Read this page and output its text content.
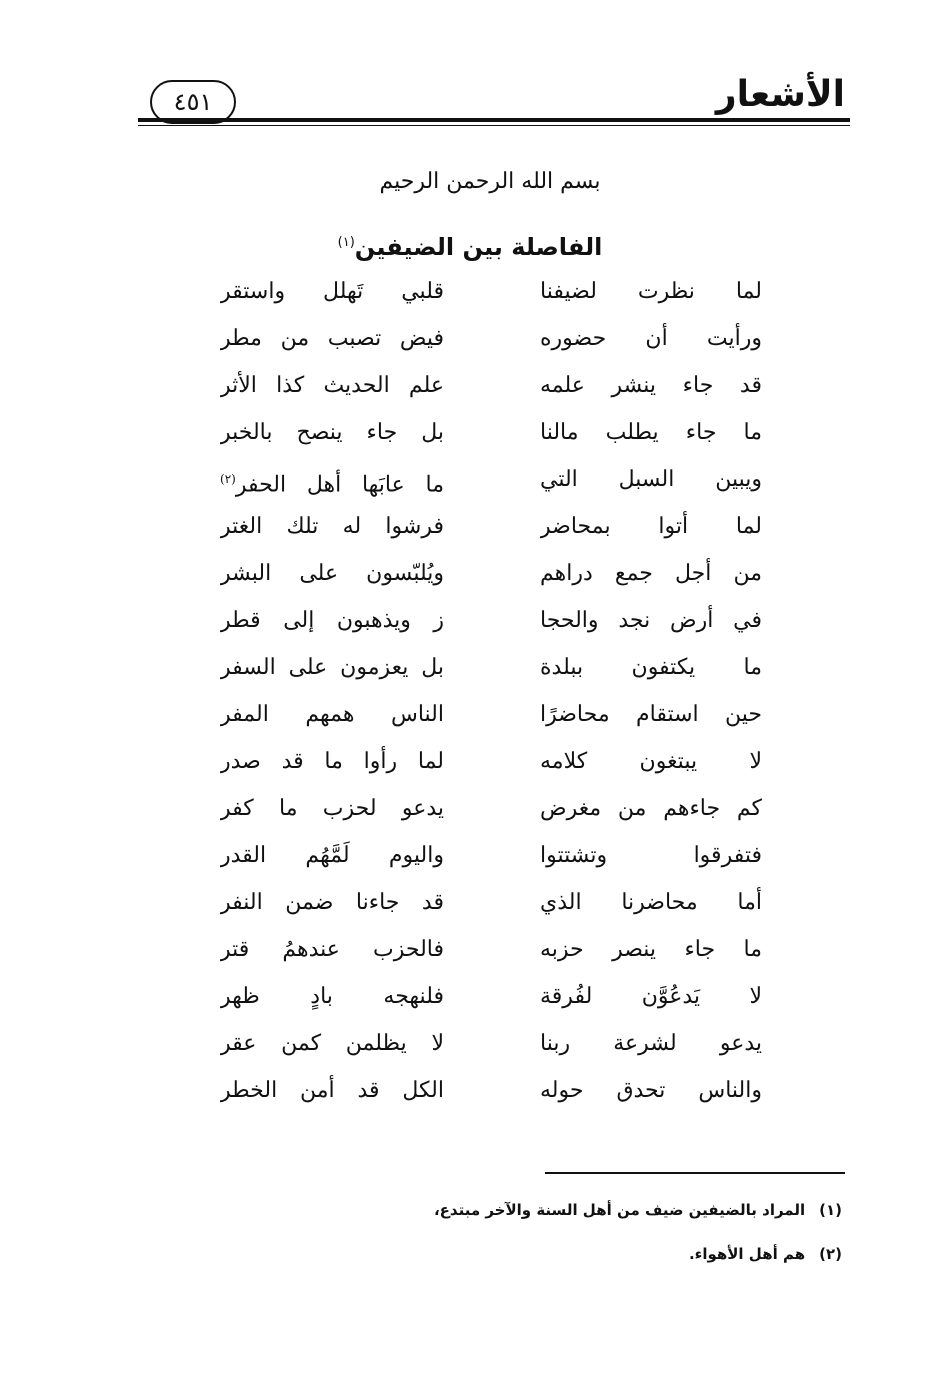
الأشعار
٤٥١
بسم الله الرحمن الرحيم
الفاصلة بين الضيفين$^{(١)}$
لما نظرت لضيفنا
قلبي تَهلل واستقر
ورأيت أن حضوره
فيض تصبب من مطر
قد جاء ينشر علمه
علم الحديث كذا الأثر
ما جاء يطلب مالنا
بل جاء ينصح بالخبر
ويبين السبل التي
ما عابَها أهل الحفر$^{(٢)}$
لما أتوا بمحاضر
فرشوا له تلك الغتر
من أجل جمع دراهم
ويُلبّسون على البشر
في أرض نجد والحجا
ز ويذهبون إلى قطر
ما يكتفون ببلدة
بل يعزمون على السفر
حين استقام محاضرًا
الناس همهم المفر
لا يبتغون كلامه
لما رأوا ما قد صدر
كم جاءهم من مغرض
يدعو لحزب ما كفر
فتفرقوا وتشتتوا
واليوم لَمَّهُم القدر
أما محاضرنا الذي
قد جاءنا ضمن النفر
ما جاء ينصر حزبه
فالحزب عندهمُ قتر
لا يَدعُوَّن لفُرقة
فلنهجه بادٍ ظهر
يدعو لشرعة ربنا
لا يظلمن كمن عقر
والناس تحدق حوله
الكل قد أمن الخطر
(١)المراد بالضيفين ضيف من أهل السنة والآخر مبتدع،
(٢)هم أهل الأهواء.
